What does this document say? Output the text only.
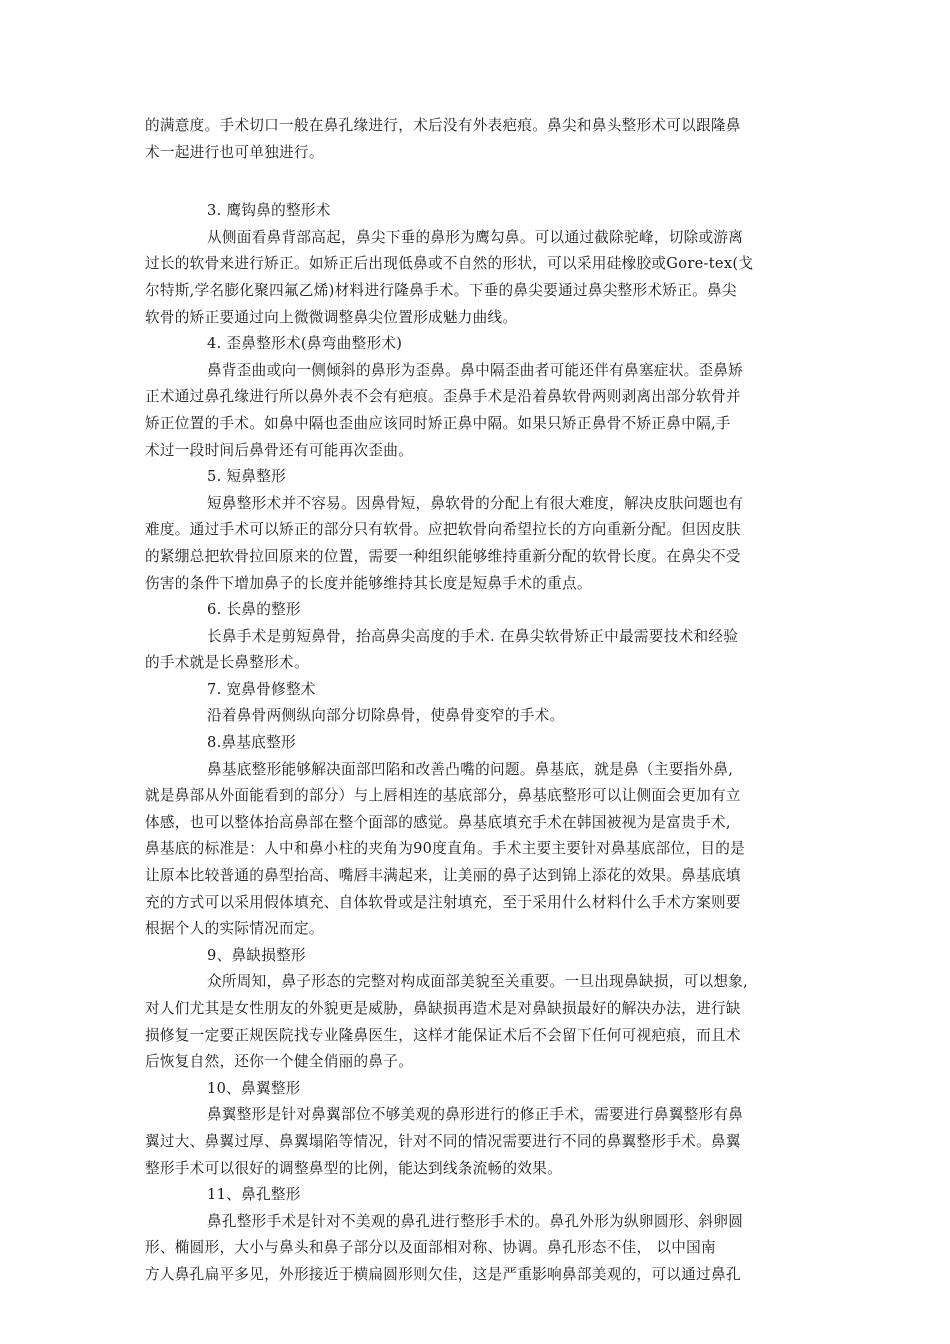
的满意度。手术切口一般在鼻孔缘进行，术后没有外表疤痕。鼻尖和鼻头整形术可以跟隆鼻
术一起进行也可单独进行。
3. 鹰钩鼻的整形术
从侧面看鼻背部高起，鼻尖下垂的鼻形为鹰勾鼻。可以通过截除驼峰，切除或游离
过长的软骨来进行矫正。如矫正后出现低鼻或不自然的形状，可以采用硅橡胶或Gore-tex(戈
尔特斯,学名膨化聚四氟乙烯)材料进行隆鼻手术。下垂的鼻尖要通过鼻尖整形术矫正。鼻尖
软骨的矫正要通过向上微微调整鼻尖位置形成魅力曲线。
4. 歪鼻整形术(鼻弯曲整形术)
鼻背歪曲或向一侧倾斜的鼻形为歪鼻。鼻中隔歪曲者可能还伴有鼻塞症状。歪鼻矫
正术通过鼻孔缘进行所以鼻外表不会有疤痕。歪鼻手术是沿着鼻软骨两则剥离出部分软骨并
矫正位置的手术。如鼻中隔也歪曲应该同时矫正鼻中隔。如果只矫正鼻骨不矫正鼻中隔,手
术过一段时间后鼻骨还有可能再次歪曲。
5. 短鼻整形
短鼻整形术并不容易。因鼻骨短，鼻软骨的分配上有很大难度，解决皮肤问题也有
难度。通过手术可以矫正的部分只有软骨。应把软骨向希望拉长的方向重新分配。但因皮肤
的紧绷总把软骨拉回原来的位置，需要一种组织能够维持重新分配的软骨长度。在鼻尖不受
伤害的条件下增加鼻子的长度并能够维持其长度是短鼻手术的重点。
6. 长鼻的整形
长鼻手术是剪短鼻骨，抬高鼻尖高度的手术. 在鼻尖软骨矫正中最需要技术和经验
的手术就是长鼻整形术。
7. 宽鼻骨修整术
沿着鼻骨两侧纵向部分切除鼻骨，使鼻骨变窄的手术。
8.鼻基底整形
鼻基底整形能够解决面部凹陷和改善凸嘴的问题。鼻基底，就是鼻（主要指外鼻,
就是鼻部从外面能看到的部分）与上唇相连的基底部分，鼻基底整形可以让侧面会更加有立
体感，也可以整体抬高鼻部在整个面部的感觉。鼻基底填充手术在韩国被视为是富贵手术,
鼻基底的标准是：人中和鼻小柱的夹角为90度直角。手术主要主要针对鼻基底部位，目的是
让原本比较普通的鼻型抬高、嘴唇丰满起来，让美丽的鼻子达到锦上添花的效果。鼻基底填
充的方式可以采用假体填充、自体软骨或是注射填充，至于采用什么材料什么手术方案则要
根据个人的实际情况而定。
9、鼻缺损整形
众所周知，鼻子形态的完整对构成面部美貌至关重要。一旦出现鼻缺损，可以想象,
对人们尤其是女性朋友的外貌更是威胁，鼻缺损再造术是对鼻缺损最好的解决办法，进行缺
损修复一定要正规医院找专业隆鼻医生，这样才能保证术后不会留下任何可视疤痕，而且术
后恢复自然，还你一个健全俏丽的鼻子。
10、鼻翼整形
鼻翼整形是针对鼻翼部位不够美观的鼻形进行的修正手术，需要进行鼻翼整形有鼻
翼过大、鼻翼过厚、鼻翼塌陷等情况，针对不同的情况需要进行不同的鼻翼整形手术。鼻翼
整形手术可以很好的调整鼻型的比例，能达到线条流畅的效果。
11、鼻孔整形
鼻孔整形手术是针对不美观的鼻孔进行整形手术的。鼻孔外形为纵卵圆形、斜卵圆
形、椭圆形，大小与鼻头和鼻子部分以及面部相对称、协调。鼻孔形态不佳， 以中国南
方人鼻孔扁平多见，外形接近于横扁圆形则欠佳，这是严重影响鼻部美观的，可以通过鼻孔
